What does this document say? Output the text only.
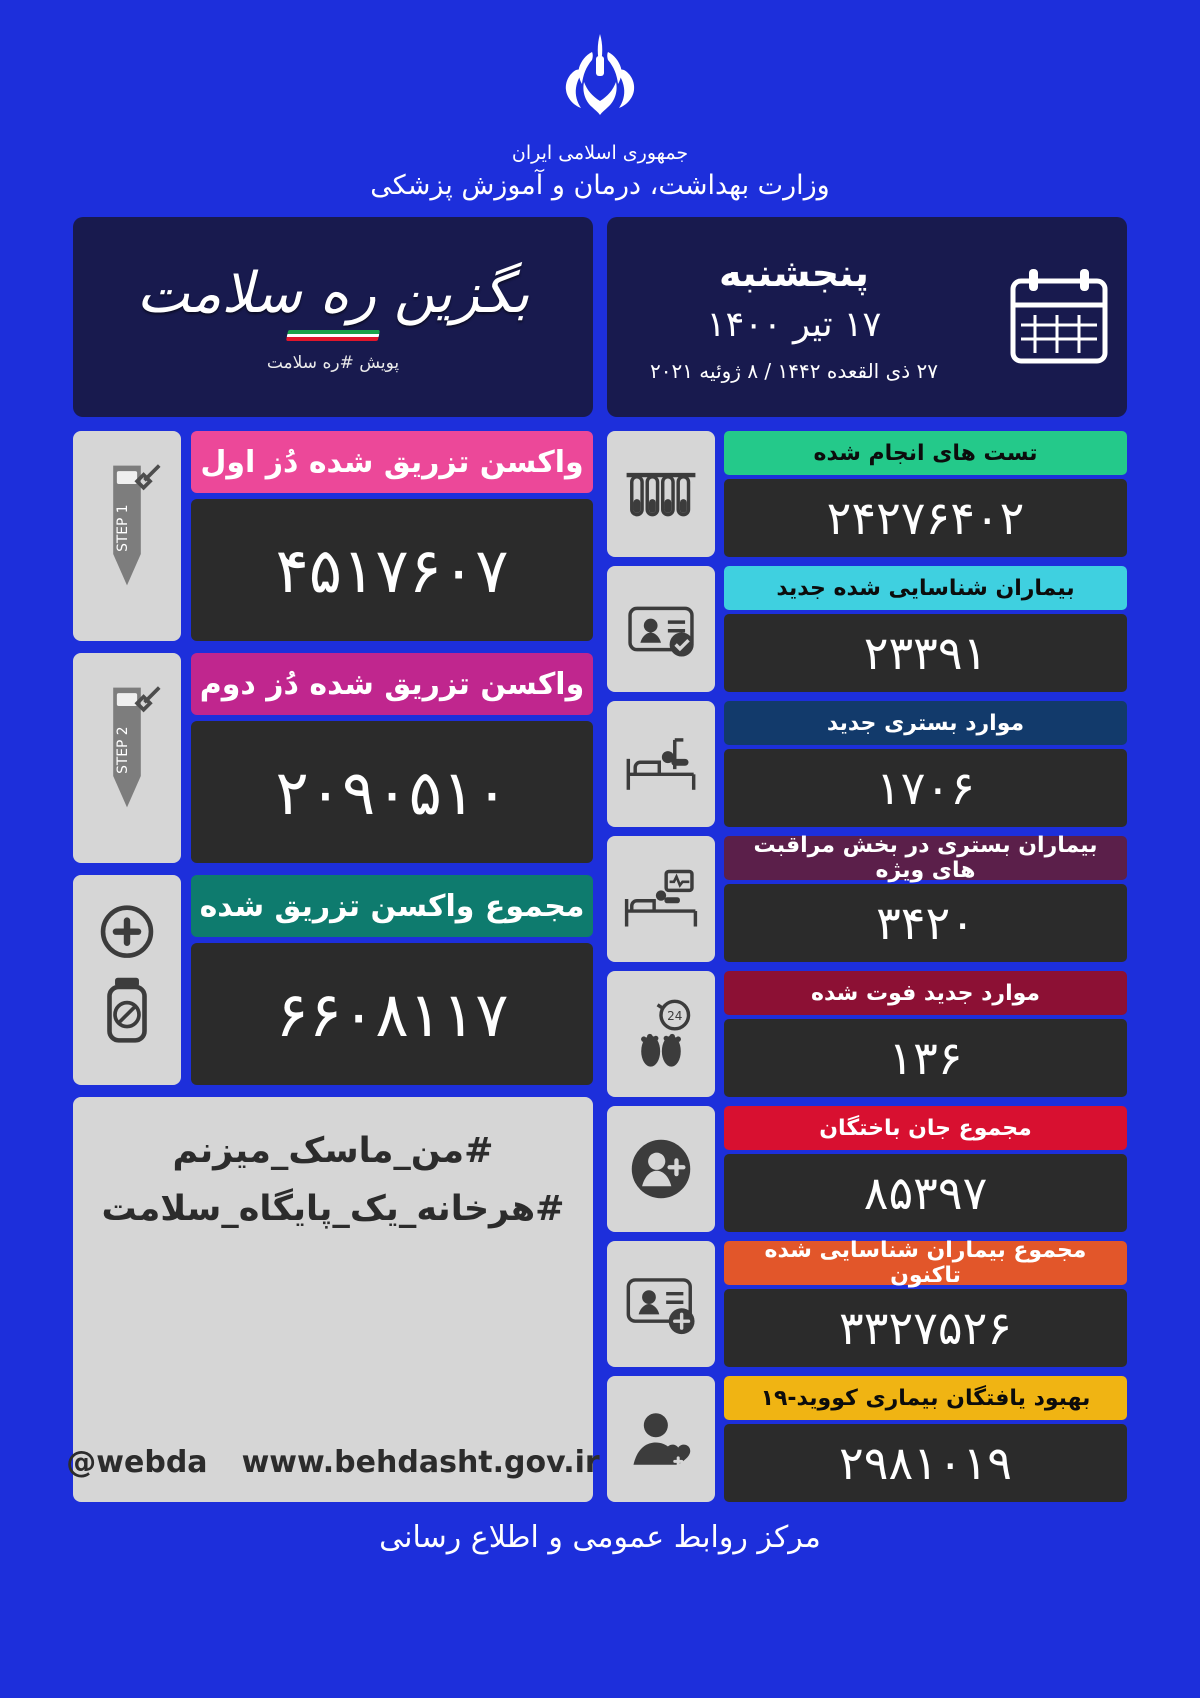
جمهوری اسلامی ایران
وزارت بهداشت، درمان و آموزش پزشکی
پنجشنبه
۱۷ تیر ۱۴۰۰
۲۷ ذی القعده ۱۴۴۲ / ۸ ژوئیه ۲۰۲۱
بگزین ره سلامت
پویش #ره سلامت
تست های انجام شده
۲۴۲۷۶۴۰۲
بیماران شناسایی شده جدید
۲۳۳۹۱
موارد بستری جدید
۱۷۰۶
بیماران بستری در بخش مراقبت های ویژه
۳۴۲۰
موارد جدید فوت شده
۱۳۶
24
مجموع جان باختگان
۸۵۳۹۷
مجموع بیماران شناسایی شده تاکنون
۳۳۲۷۵۲۶
بهبود یافتگان بیماری کووید-۱۹
۲۹۸۱۰۱۹
واکسن تزریق شده دُز اول
۴۵۱۷۶۰۷
STEP 1
واکسن تزریق شده دُز دوم
۲۰۹۰۵۱۰
STEP 2
مجموع واکسن تزریق شده
۶۶۰۸۱۱۷
#من_ماسک_میزنم
#هرخانه_یک_پایگاه_سلامت
www.behdasht.gov.ir
@webda
مرکز روابط عمومی و اطلاع رسانی
